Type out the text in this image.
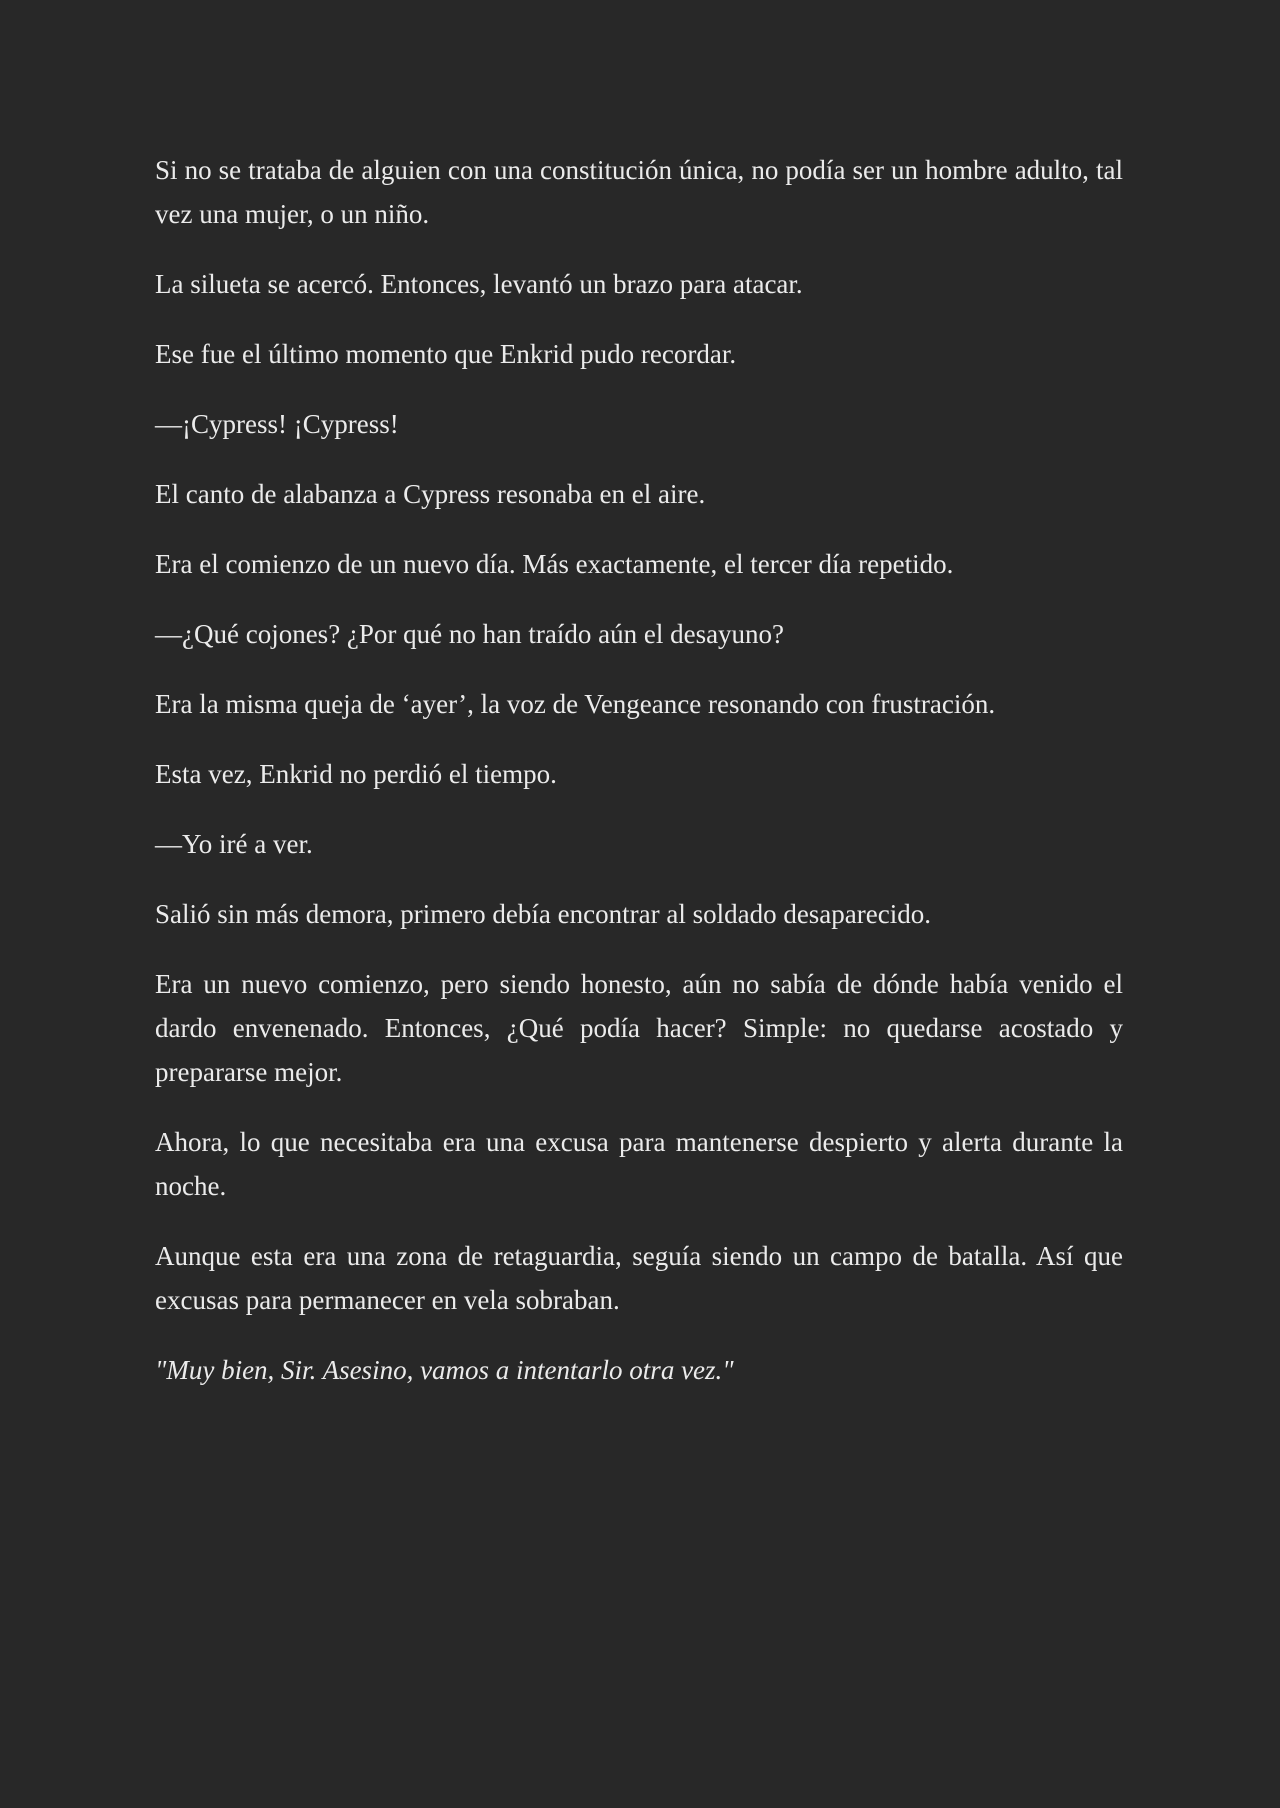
Si no se trataba de alguien con una constitución única, no podía ser un hombre adulto, tal vez una mujer, o un niño.

La silueta se acercó. Entonces, levantó un brazo para atacar.

Ese fue el último momento que Enkrid pudo recordar.

—¡Cypress! ¡Cypress!

El canto de alabanza a Cypress resonaba en el aire.

Era el comienzo de un nuevo día. Más exactamente, el tercer día repetido.

—¿Qué cojones? ¿Por qué no han traído aún el desayuno?

Era la misma queja de ‘ayer’, la voz de Vengeance resonando con frustración.

Esta vez, Enkrid no perdió el tiempo.

—Yo iré a ver.

Salió sin más demora, primero debía encontrar al soldado desaparecido.

Era un nuevo comienzo, pero siendo honesto, aún no sabía de dónde había venido el dardo envenenado. Entonces, ¿Qué podía hacer? Simple: no quedarse acostado y prepararse mejor.

Ahora, lo que necesitaba era una excusa para mantenerse despierto y alerta durante la noche.

Aunque esta era una zona de retaguardia, seguía siendo un campo de batalla. Así que excusas para permanecer en vela sobraban.

"Muy bien, Sir. Asesino, vamos a intentarlo otra vez."
